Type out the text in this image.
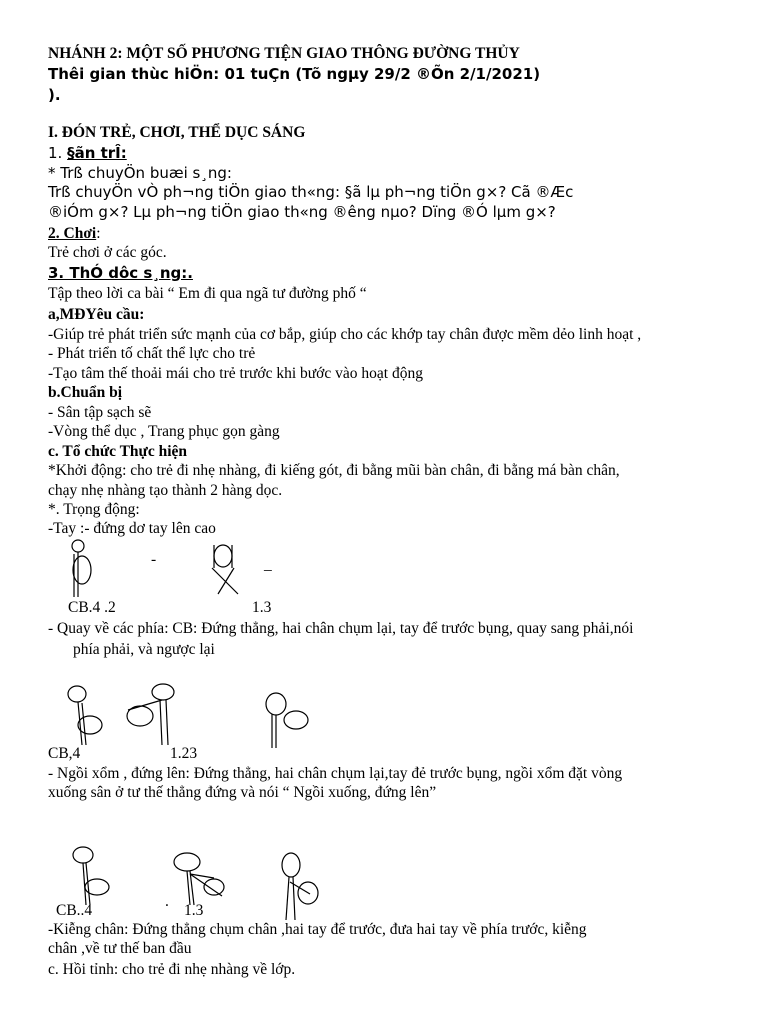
NHÁNH 2: MỘT SỐ PHƯƠNG TIỆN GIAO THÔNG ĐƯỜNG THỦY
Thêi gian thùc hiÖn: 01 tuÇn (Tõ ngµy 29/2 ®Õn 2/1/2021)
).
I. ĐÓN TRẺ, CHƠI, THỂ DỤC SÁNG
1. §ãn trÎ:
* Trß chuyÖn buæi s¸ng:
Trß chuyÖn vÒ ph¬ng tiÖn giao th«ng: §ã lµ ph¬ng tiÖn g×? Cã ®Æc
®iÓm g×? Lµ ph¬ng tiÖn giao th«ng ®êng nµo? Dïng ®Ó lµm g×?
2. Chơi:
Trẻ chơi ở các góc.
3. ThÓ dôc s¸ng:.
Tập theo lời ca bài “ Em đi qua ngã tư đường phố “
a,MĐYêu cầu:
-Giúp trẻ phát triển sức mạnh của cơ bắp, giúp cho các khớp tay chân được mềm dẻo linh hoạt ,
- Phát triển tố chất thể lực cho trẻ
-Tạo tâm thế thoải mái cho trẻ trước khi bước vào hoạt động
b.Chuẩn bị
- Sân tập sạch sẽ
-Vòng thể dục , Trang phục gọn gàng
c. Tổ chức Thực hiện
*Khởi động: cho trẻ đi nhẹ nhàng, đi kiếng gót, đi bằng mũi bàn chân, đi bằng má bàn chân,
chạy nhẹ nhàng tạo thành 2 hàng dọc.
*. Trọng động:
-Tay :- đứng dơ tay lên cao
-	_
CB.4 .2	1.3
- Quay về các phía: CB: Đứng thẳng, hai chân chụm lại, tay để trước bụng, quay sang phải,nói
phía phải, và ngược lại
CB,4	1.23
- Ngồi xổm , đứng lên: Đứng thẳng, hai chân chụm lại,tay đẻ trước bụng, ngồi xổm đặt vòng
xuống sân ở tư thế thẳng đứng và nói “ Ngồi xuống, đứng lên”
CB..4
.
1.3
-Kiễng chân: Đứng thẳng chụm chân ,hai tay để trước, đưa hai tay về phía trước, kiễng
chân ,về tư thế ban đầu
c. Hồi tỉnh: cho trẻ đi nhẹ nhàng về lớp.
